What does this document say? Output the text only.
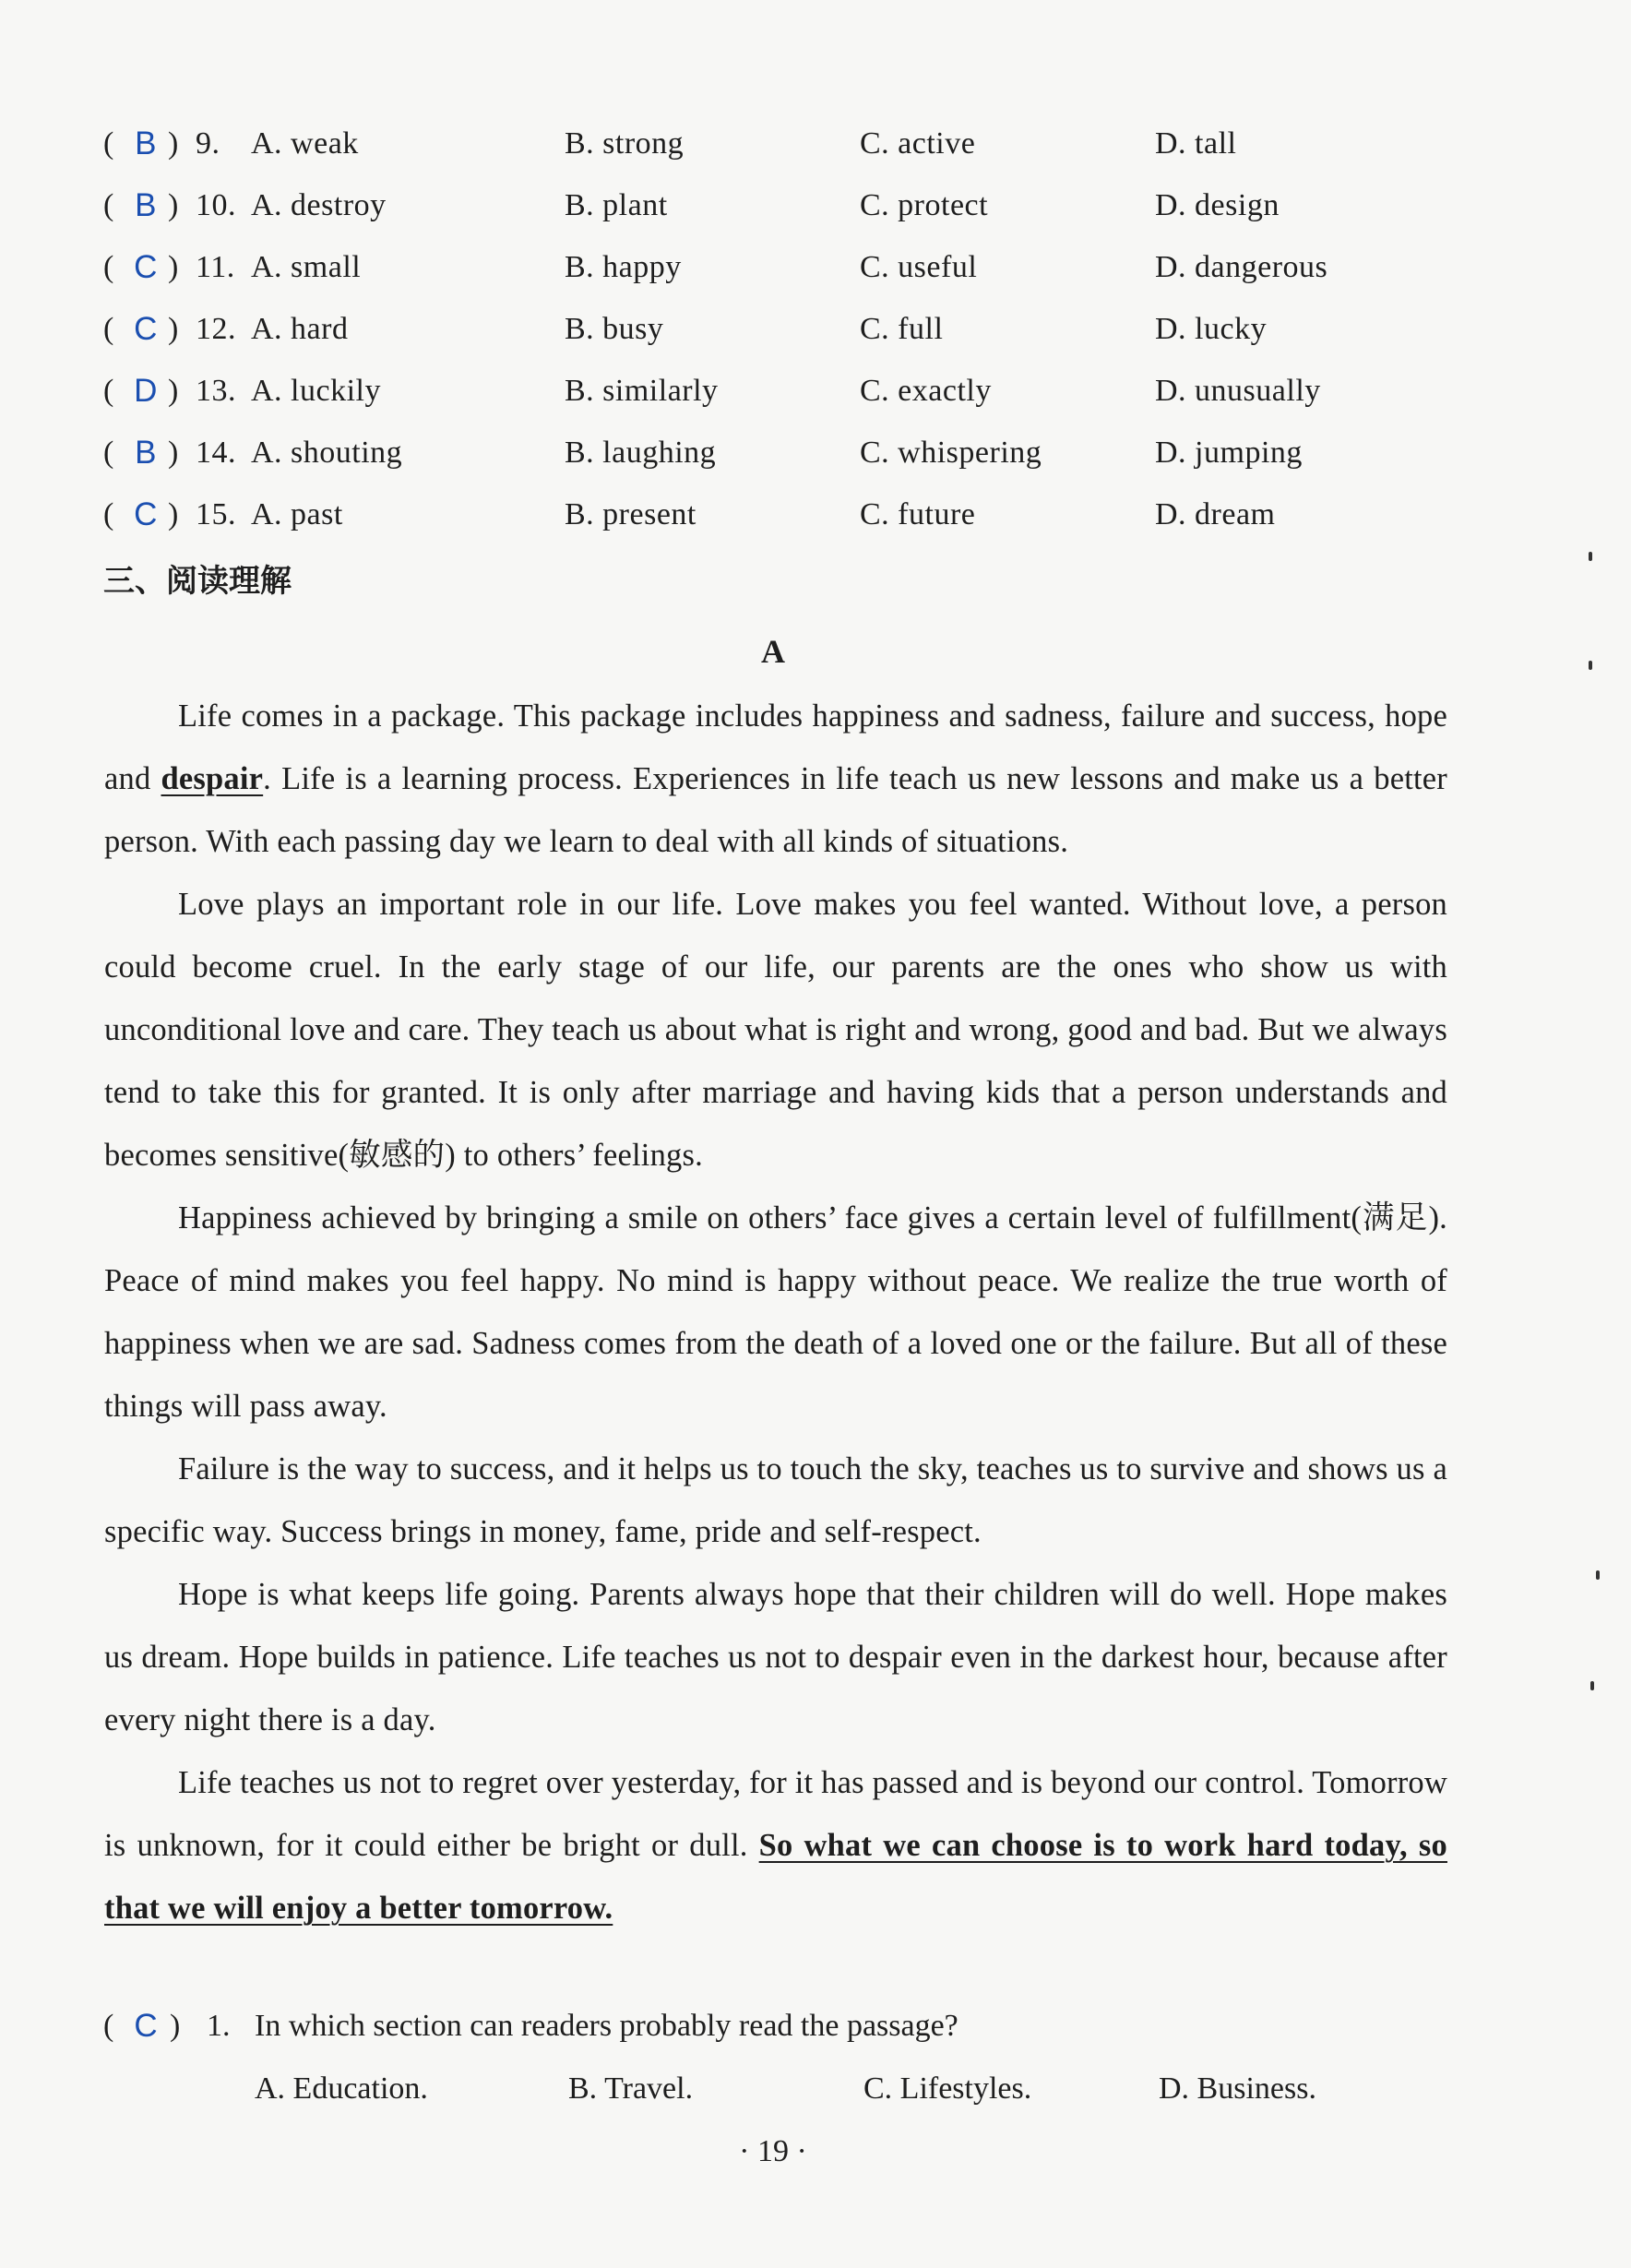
( B ) 9. A. weak	B. strong	C. active	D. tall
( B ) 10. A. destroy	B. plant	C. protect	D. design
( C ) 11. A. small	B. happy	C. useful	D. dangerous
( C ) 12. A. hard	B. busy	C. full	D. lucky
( D ) 13. A. luckily	B. similarly	C. exactly	D. unusually
( B ) 14. A. shouting	B. laughing	C. whispering	D. jumping
( C ) 15. A. past	B. present	C. future	D. dream
三、阅读理解
A

Life comes in a package. This package includes happiness and sadness, failure and success, hope and despair. Life is a learning process. Experiences in life teach us new lessons and make us a better person. With each passing day we learn to deal with all kinds of situations.

Love plays an important role in our life. Love makes you feel wanted. Without love, a person could become cruel. In the early stage of our life, our parents are the ones who show us with unconditional love and care. They teach us about what is right and wrong, good and bad. But we always tend to take this for granted. It is only after marriage and having kids that a person understands and becomes sensitive(敏感的) to others’ feelings.

Happiness achieved by bringing a smile on others’ face gives a certain level of fulfillment(满足). Peace of mind makes you feel happy. No mind is happy without peace. We realize the true worth of happiness when we are sad. Sadness comes from the death of a loved one or the failure. But all of these things will pass away.

Failure is the way to success, and it helps us to touch the sky, teaches us to survive and shows us a specific way. Success brings in money, fame, pride and self-respect.

Hope is what keeps life going. Parents always hope that their children will do well. Hope makes us dream. Hope builds in patience. Life teaches us not to despair even in the darkest hour, because after every night there is a day.

Life teaches us not to regret over yesterday, for it has passed and is beyond our control. Tomorrow is unknown, for it could either be bright or dull. So what we can choose is to work hard today, so that we will enjoy a better tomorrow.

( C ) 1. In which section can readers probably read the passage?
A. Education.	B. Travel.	C. Lifestyles.	D. Business.
· 19 ·
